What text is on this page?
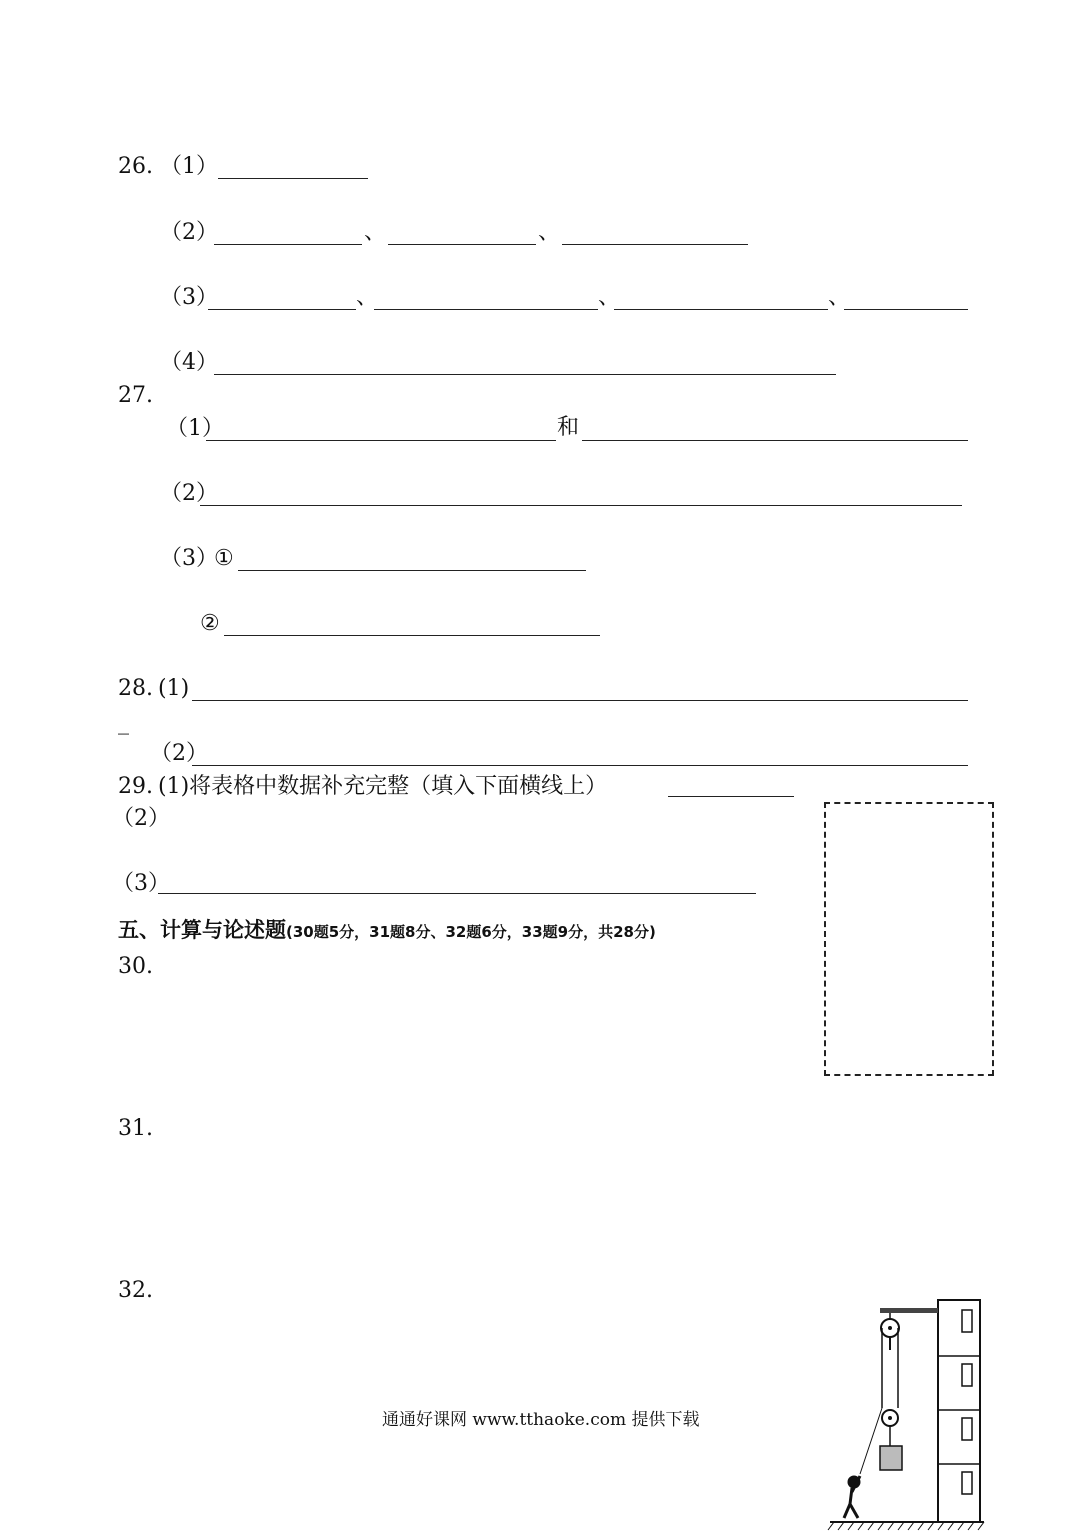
26. （1）
（2）	、	、
（3）	、	、	、
（4）
27.
（1）	和
（2）
（3）
①
②
28. (1)
_
（2）
29. (1)将表格中数据补充完整（填入下面横线上）
（2）
（3）
五、计算与论述题(30题5分，31题8分、32题6分，33题9分，共28分)
30.
31.
32.
通通好课网 www.tthaoke.com 提供下载
